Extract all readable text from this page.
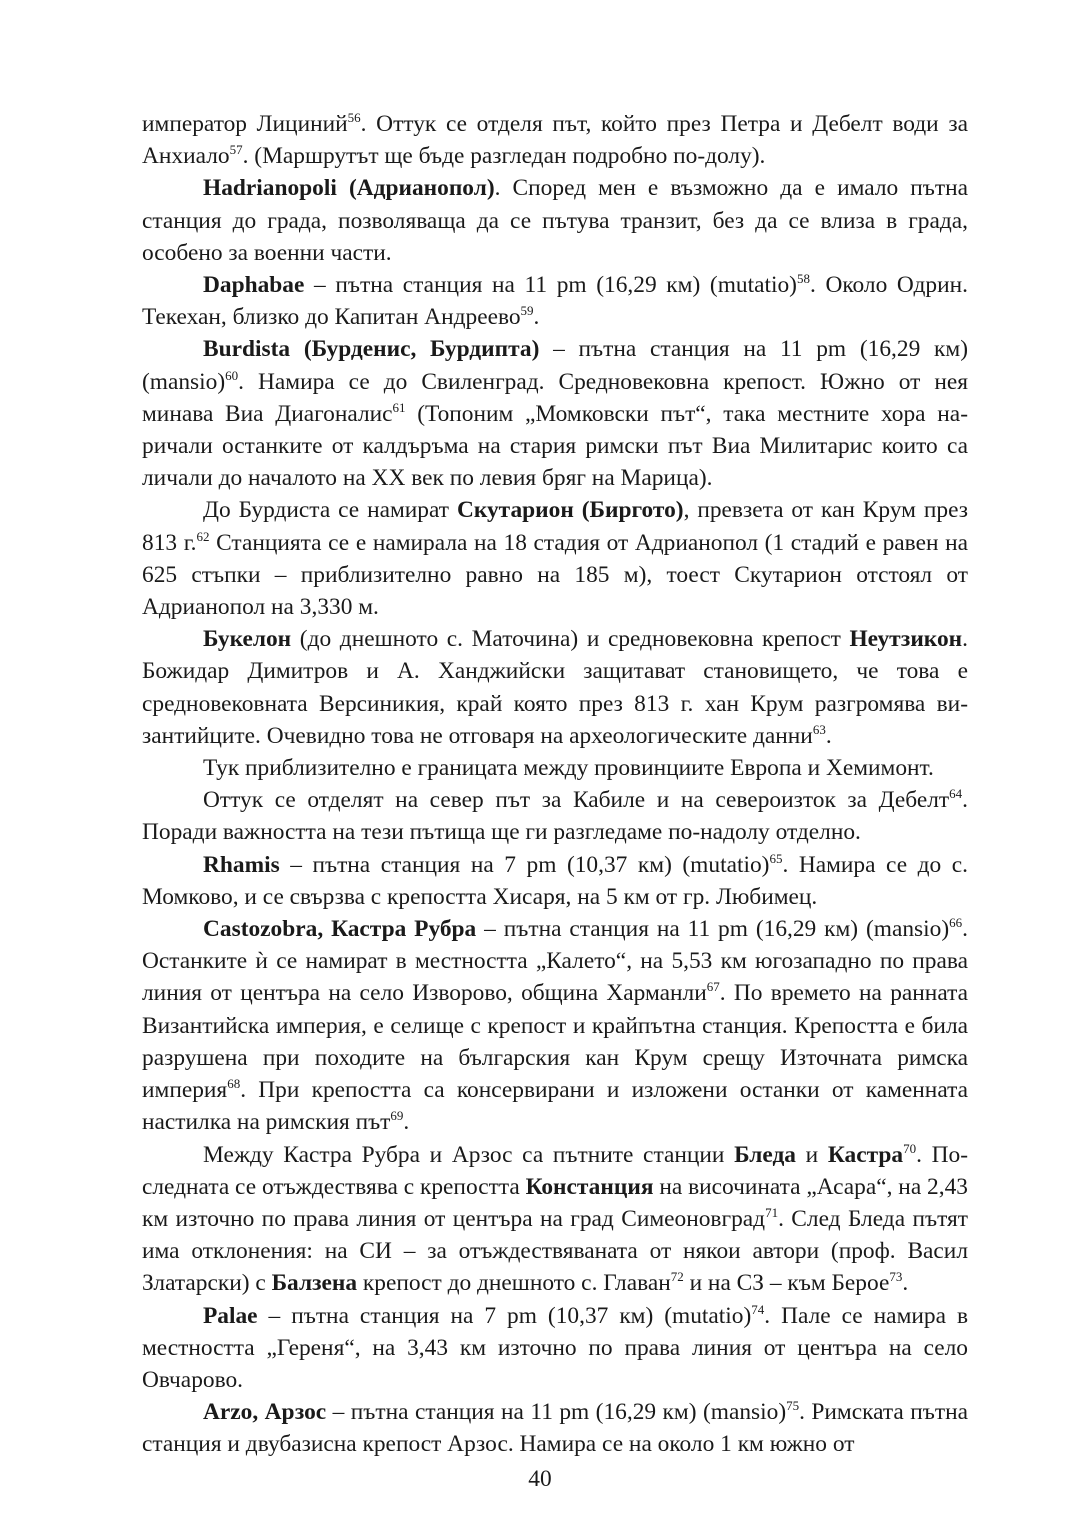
император Лициний$^{56}$. Оттук се отделя път, който през Петра и Дебелт води за Анхиало$^{57}$. (Маршрутът ще бъде разгледан подробно по-долу).

Hadrianopoli (Адрианопол). Според мен е възможно да е имало пътна станция до града, позволяваща да се пътува транзит, без да се влиза в града, особено за военни части.

Daphabae – пътна станция на 11 рm (16,29 км) (mutatio)$^{58}$. Около Одрин. Текехан, близко до Капитан Андреево$^{59}$.

Burdista (Бурденис, Бурдипта) – пътна станция на 11 рm (16,29 км) (mansio)$^{60}$. Намира се до Свиленград. Средновековна крепост. Южно от нея минава Виа Диагоналис$^{61}$ (Топоним „Момковски път“, така местните хора наричали останките от калдъръма на стария римски път Виа Милитарис които са личали до началото на XX век по левия бряг на Марица).

До Бурдиста се намират Скутарион (Биргото), превзета от кан Крум през 813 г.$^{62}$ Станцията се е намирала на 18 стадия от Адрианопол (1 стадий е равен на 625 стъпки – приблизително равно на 185 м), тоест Скутарион отстоял от Адрианопол на 3,330 м.

Букелон (до днешното с. Маточина) и средновековна крепост Неутзикон. Божидар Димитров и А. Ханджийски защитават становището, че това е средновековната Версиникия, край която през 813 г. хан Крум разгромява византийците. Очевидно това не отговаря на археологическите данни$^{63}$.

Тук приблизително е границата между провинциите Европа и Хемимонт.

Оттук се отделят на север път за Кабиле и на североизток за Дебелт$^{64}$. Поради важността на тези пътища ще ги разгледаме по-надолу отделно.

Rhamis – пътна станция на 7 рm (10,37 км) (mutatio)$^{65}$. Намира се до с. Момково, и се свързва с крепостта Хисаря, на 5 км от гр. Любимец.

Castozobra, Кастра Рубра – пътна станция на 11 рm (16,29 км) (mansio)$^{66}$. Останките ѝ се намират в местността „Калето“, на 5,53 км югозападно по права линия от центъра на село Изворово, община Харманли$^{67}$. По времето на ранната Византийска империя, е селище с крепост и крайпътна станция. Крепостта е била разрушена при походите на българския кан Крум срещу Източната римска империя$^{68}$. При крепостта са консервирани и изложени останки от каменната настилка на римския път$^{69}$.

Между Кастра Рубра и Арзос са пътните станции Бледа и Кастра$^{70}$. Последната се отъждествява с крепостта Констанция на височината „Асара“, на 2,43 км източно по права линия от центъра на град Симеоновград$^{71}$. След Бледа пътят има отклонения: на СИ – за отъждествяваната от някои автори (проф. Васил Златарски) с Балзена крепост до днешното с. Главан$^{72}$ и на СЗ – към Берое$^{73}$.

Palae – пътна станция на 7 рm (10,37 км) (mutatio)$^{74}$. Пале се намира в местността „Гереня“, на 3,43 км източно по права линия от центъра на село Овчарово.

Arzo, Арзос – пътна станция на 11 рm (16,29 км) (mansio)$^{75}$. Римската пътна станция и двубазисна крепост Арзос. Намира се на около 1 км южно от

40
